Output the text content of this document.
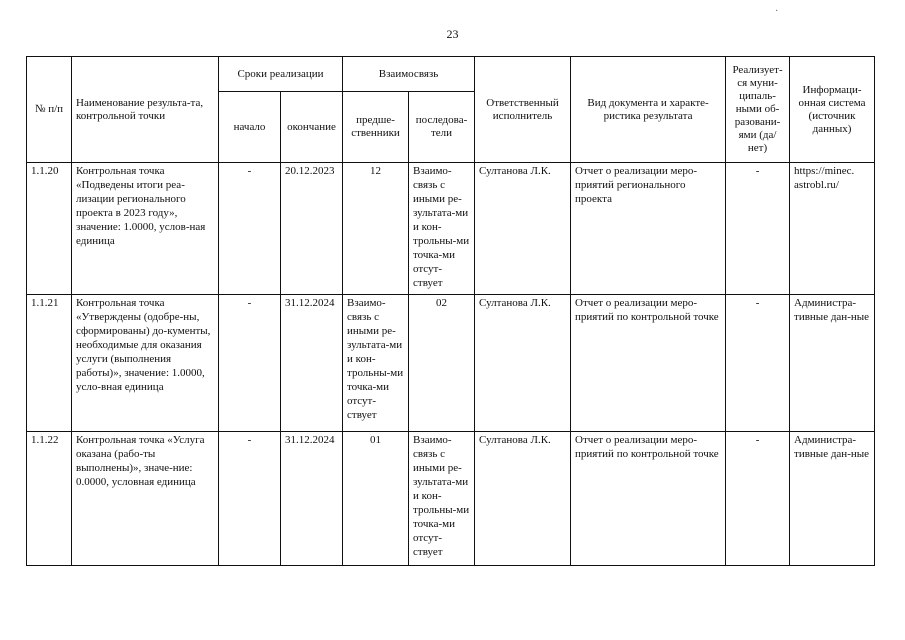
·
23
№ п/п	Наименование результа-та, контрольной точки	Сроки реализации		Взаимосвязь		Ответственный исполнитель	Вид документа и характе-ристика результата	Реализует-ся муни-ципаль-ными об-разовани-ями (да/нет)	Информаци-онная система (источник данных)
		начало	окончание	предше-ственники	последова-тели				
1.1.20	Контрольная точка «Подведены итоги реа-лизации регионального проекта в 2023 году», значение: 1.0000, услов-ная единица	-	20.12.2023	12	Взаимо-связь с иными ре-зультата-ми и кон-трольны-ми точка-ми отсут-ствует	Султанова Л.К.	Отчет о реализации меро-приятий регионального проекта	-	https://minec. astrobl.ru/
1.1.21	Контрольная точка «Утверждены (одобре-ны, сформированы) до-кументы, необходимые для оказания услуги (выполнения работы)», значение: 1.0000, усло-вная единица	-	31.12.2024	Взаимо-связь с иными ре-зультата-ми и кон-трольны-ми точка-ми отсут-ствует	02	Султанова Л.К.	Отчет о реализации меро-приятий по контрольной точке	-	Администра-тивные дан-ные
1.1.22	Контрольная точка «Услуга оказана (рабо-ты выполнены)», значе-ние: 0.0000, условная единица	-	31.12.2024	01	Взаимо-связь с иными ре-зультата-ми и кон-трольны-ми точка-ми отсут-ствует	Султанова Л.К.	Отчет о реализации меро-приятий по контрольной точке	-	Администра-тивные дан-ные
